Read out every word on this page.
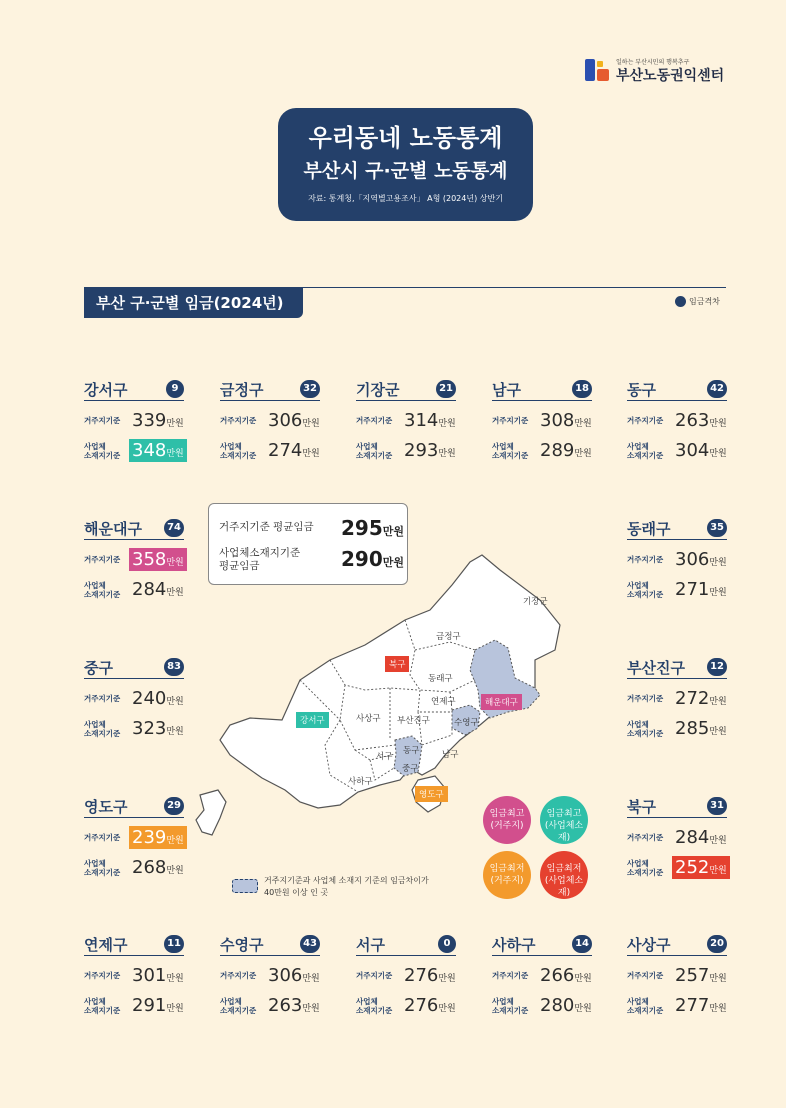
일하는 부산시민의 행복추구
부산노동권익센터
우리동네 노동통계
부산시 구·군별 노동통계
자료: 통계청,「지역별고용조사」 A형 (2024년) 상반기
부산 구·군별 임금(2024년)	임금격차
강서구	9
거주지기준 339만원
사업체
소재지기준 348만원
금정구	32
거주지기준 306만원
사업체
소재지기준 274만원
기장군	21
거주지기준 314만원
사업체
소재지기준 293만원
남구	18
거주지기준 308만원
사업체
소재지기준 289만원
동구	42
거주지기준 263만원
사업체
소재지기준 304만원
해운대구	74
거주지기준 358만원
사업체
소재지기준 284만원
중구	83
거주지기준 240만원
사업체
소재지기준 323만원
영도구	29
거주지기준 239만원
사업체
소재지기준 268만원
동래구	35
거주지기준 306만원
사업체
소재지기준 271만원
부산진구	12
거주지기준 272만원
사업체
소재지기준 285만원
북구	31
거주지기준 284만원
사업체
소재지기준 252만원
연제구	11
거주지기준 301만원
사업체
소재지기준 291만원
수영구	43
거주지기준 306만원
사업체
소재지기준 263만원
서구	0
거주지기준 276만원
사업체
소재지기준 276만원
사하구	14
거주지기준 266만원
사업체
소재지기준 280만원
사상구	20
거주지기준 257만원
사업체
소재지기준 277만원
거주지기준 평균임금 295만원
사업체소재지기준
평균임금	290만원
기장군
금정구
북구
동래구
연제구	해운대구
강서구	사상구 부산진구	수영구
서구
동구	남구
중구
사하구
영도구
임금최고
(거주지)
임금최고
(사업체소재)
임금최저
(거주지)
임금최저
(사업체소재)
거주지기준과 사업체 소재지 기준의 임금차이가
40만원 이상 인 곳
